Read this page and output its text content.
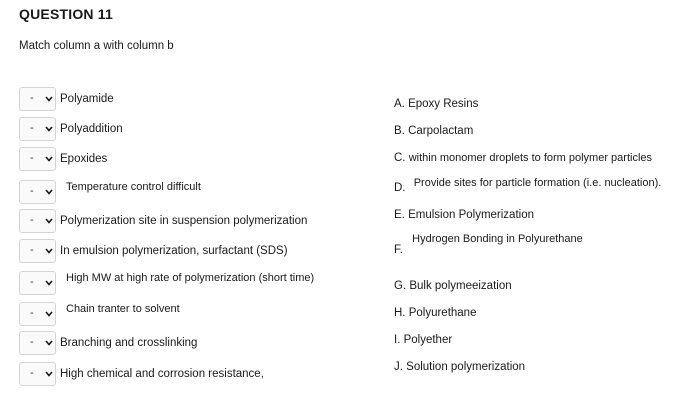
QUESTION 11
Match column a with column b
- Polyamide
- Polyaddition
- Epoxides
-	Temperature control difficult
- Polymerization site in suspension polymerization
- In emulsion polymerization, surfactant (SDS)
-	High MW at high rate of polymerization (short time)
-	Chain tranter to solvent
- Branching and crosslinking
- High chemical and corrosion resistance,
A. Epoxy Resins
B. Carpolactam
C. within monomer droplets to form polymer particles
D. Provide sites for particle formation (i.e. nucleation).
E. Emulsion Polymerization
F. Hydrogen Bonding in Polyurethane
G. Bulk polymeeization
H. Polyurethane
I. Polyether
J. Solution polymerization
